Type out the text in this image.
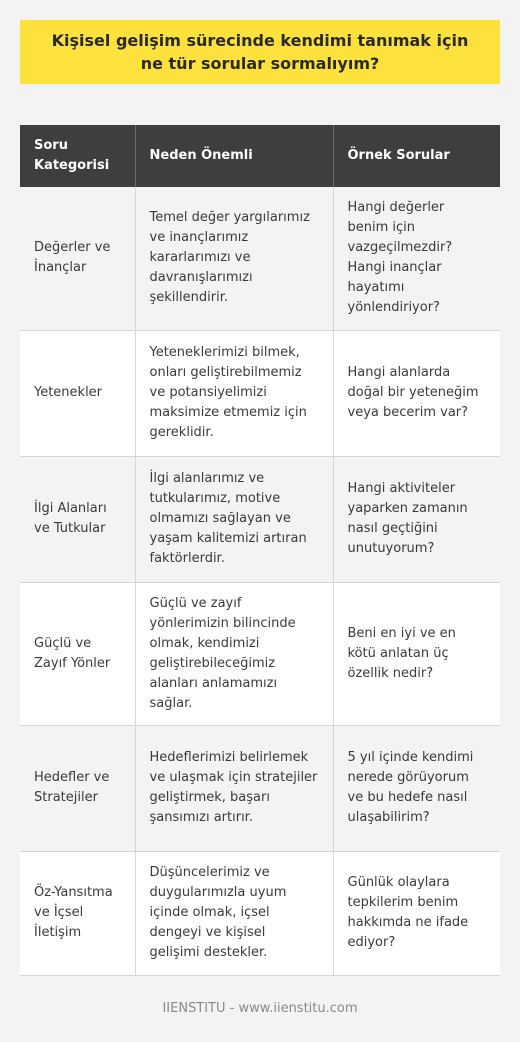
Kişisel gelişim sürecinde kendimi tanımak için ne tür sorular sormalıyım?
Soru Kategorisi	Neden Önemli	Örnek Sorular
Değerler ve İnançlar	Temel değer yargılarımız ve inançlarımız kararlarımızı ve davranışlarımızı şekillendirir.	Hangi değerler benim için vazgeçilmezdir? Hangi inançlar hayatımı yönlendiriyor?
Yetenekler	Yeteneklerimizi bilmek, onları geliştirebilmemiz ve potansiyelimizi maksimize etmemiz için gereklidir.	Hangi alanlarda doğal bir yeteneğim veya becerim var?
İlgi Alanları ve Tutkular	İlgi alanlarımız ve tutkularımız, motive olmamızı sağlayan ve yaşam kalitemizi artıran faktörlerdir.	Hangi aktiviteler yaparken zamanın nasıl geçtiğini unutuyorum?
Güçlü ve Zayıf Yönler	Güçlü ve zayıf yönlerimizin bilincinde olmak, kendimizi geliştirebileceğimiz alanları anlamamızı sağlar.	Beni en iyi ve en kötü anlatan üç özellik nedir?
Hedefler ve Stratejiler	Hedeflerimizi belirlemek ve ulaşmak için stratejiler geliştirmek, başarı şansımızı artırır.	5 yıl içinde kendimi nerede görüyorum ve bu hedefe nasıl ulaşabilirim?
Öz-Yansıtma ve İçsel İletişim	Düşüncelerimiz ve duygularımızla uyum içinde olmak, içsel dengeyi ve kişisel gelişimi destekler.	Günlük olaylara tepkilerim benim hakkımda ne ifade ediyor?
IIENSTITU - www.iienstitu.com
